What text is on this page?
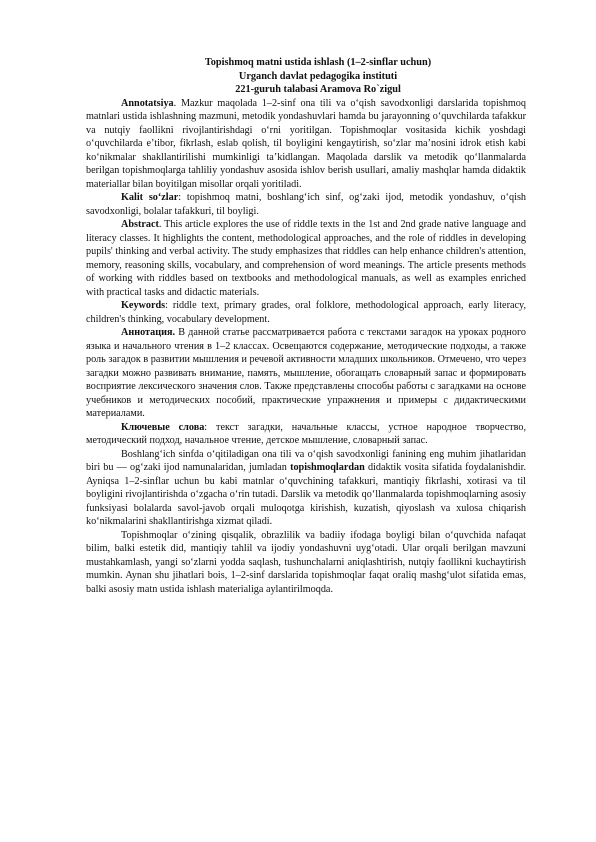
Topishmoq matni ustida ishlash (1–2-sinflar uchun)
Urganch davlat pedagogika instituti
221-guruh talabasi Aramova Ro`zigul

Annotatsiya. Mazkur maqolada 1–2-sinf ona tili va o‘qish savodxonligi darslarida topishmoq matnlari ustida ishlashning mazmuni, metodik yondashuvlari hamda bu jarayonning o‘quvchilarda tafakkur va nutqiy faollikni rivojlantirishdagi o‘rni yoritilgan. Topishmoqlar vositasida kichik yoshdagi o‘quvchilarda e’tibor, fikrlash, eslab qolish, til boyligini kengaytirish, so‘zlar ma’nosini idrok etish kabi ko‘nikmalar shakllantirilishi mumkinligi ta’kidlangan. Maqolada darslik va metodik qo‘llanmalarda berilgan topishmoqlarga tahliliy yondashuv asosida ishlov berish usullari, amaliy mashqlar hamda didaktik materiallar bilan boyitilgan misollar orqali yoritiladi.

Kalit so‘zlar: topishmoq matni, boshlang‘ich sinf, og‘zaki ijod, metodik yondashuv, o‘qish savodxonligi, bolalar tafakkuri, til boyligi.

Abstract. This article explores the use of riddle texts in the 1st and 2nd grade native language and literacy classes. It highlights the content, methodological approaches, and the role of riddles in developing pupils' thinking and verbal activity. The study emphasizes that riddles can help enhance children's attention, memory, reasoning skills, vocabulary, and comprehension of word meanings. The article presents methods of working with riddles based on textbooks and methodological manuals, as well as examples enriched with practical tasks and didactic materials.

Keywords: riddle text, primary grades, oral folklore, methodological approach, early literacy, children's thinking, vocabulary development.

Аннотация. В данной статье рассматривается работа с текстами загадок на уроках родного языка и начального чтения в 1–2 классах. Освещаются содержание, методические подходы, а также роль загадок в развитии мышления и речевой активности младших школьников. Отмечено, что через загадки можно развивать внимание, память, мышление, обогащать словарный запас и формировать восприятие лексического значения слов. Также представлены способы работы с загадками на основе учебников и методических пособий, практические упражнения и примеры с дидактическими материалами.

Ключевые слова: текст загадки, начальные классы, устное народное творчество, методический подход, начальное чтение, детское мышление, словарный запас.

Boshlang‘ich sinfda o‘qitiladigan ona tili va o‘qish savodxonligi fanining eng muhim jihatlaridan biri bu — og‘zaki ijod namunalaridan, jumladan topishmoqlardan didaktik vosita sifatida foydalanishdir. Ayniqsa 1–2-sinflar uchun bu kabi matnlar o‘quvchining tafakkuri, mantiqiy fikrlashi, xotirasi va til boyligini rivojlantirishda o‘zgacha o‘rin tutadi. Darslik va metodik qo‘llanmalarda topishmoqlarning asosiy funksiyasi bolalarda savol-javob orqali muloqotga kirishish, kuzatish, qiyoslash va xulosa chiqarish ko‘nikmalarini shakllantirishga xizmat qiladi.

Topishmoqlar o‘zining qisqalik, obrazlilik va badiiy ifodaga boyligi bilan o‘quvchida nafaqat bilim, balki estetik did, mantiqiy tahlil va ijodiy yondashuvni uyg‘otadi. Ular orqali berilgan mavzuni mustahkamlash, yangi so‘zlarni yodda saqlash, tushunchalarni aniqlashtirish, nutqiy faollikni kuchaytirish mumkin. Aynan shu jihatlari bois, 1–2-sinf darslarida topishmoqlar faqat oraliq mashg‘ulot sifatida emas, balki asosiy matn ustida ishlash materialiga aylantirilmoqda.
